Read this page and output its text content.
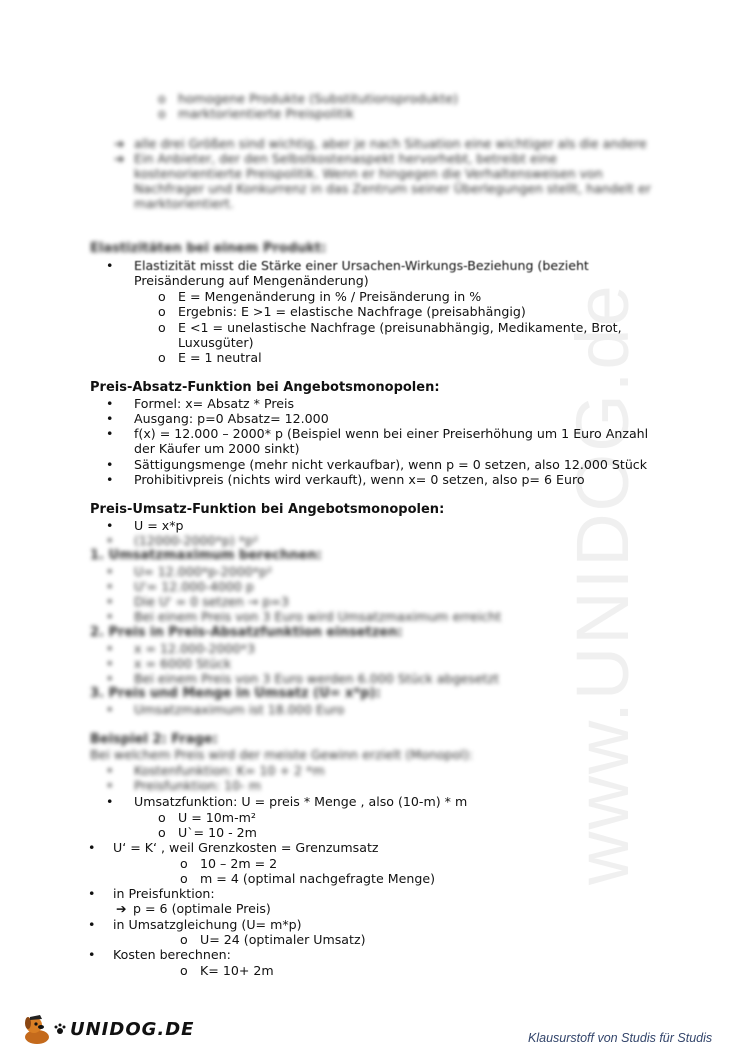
www.UNIDOG.de
o homogene Produkte (Substitutionsprodukte)
o marktorientierte Preispolitik
➔ alle drei Größen sind wichtig, aber je nach Situation eine wichtiger als die andere
➔ Ein Anbieter, der den Selbstkostenaspekt hervorhebt, betreibt eine
kostenorientierte Preispolitik. Wenn er hingegen die Verhaltensweisen von
Nachfrager und Konkurrenz in das Zentrum seiner Überlegungen stellt, handelt er
marktorientiert.
Elastizitäten bei einem Produkt:
• Elastizität misst die Stärke einer Ursachen-Wirkungs-Beziehung (bezieht
Preisänderung auf Mengenänderung)
o E = Mengenänderung in % / Preisänderung in %
o Ergebnis: E >1 = elastische Nachfrage (preisabhängig)
o E <1 = unelastische Nachfrage (preisunabhängig, Medikamente, Brot,
Luxusgüter)
o E = 1 neutral
Preis-Absatz-Funktion bei Angebotsmonopolen:
• Formel: x= Absatz * Preis
• Ausgang: p=0 Absatz= 12.000
• f(x) = 12.000 – 2000* p (Beispiel wenn bei einer Preiserhöhung um 1 Euro Anzahl
der Käufer um 2000 sinkt)
• Sättigungsmenge (mehr nicht verkaufbar), wenn p = 0 setzen, also 12.000 Stück
• Prohibitivpreis (nichts wird verkauft), wenn x= 0 setzen, also p= 6 Euro
Preis-Umsatz-Funktion bei Angebotsmonopolen:
• U = x*p
• (12000-2000*p) *p²
1. Umsatzmaximum berechnen:
• U= 12.000*p-2000*p²
• U'= 12.000-4000 p
• Die U' = 0 setzen → p=3
• Bei einem Preis von 3 Euro wird Umsatzmaximum erreicht
2. Preis in Preis-Absatzfunktion einsetzen:
• x = 12.000-2000*3
• x = 6000 Stück
• Bei einem Preis von 3 Euro werden 6.000 Stück abgesetzt
3. Preis und Menge in Umsatz (U= x*p):
• Umsatzmaximum ist 18.000 Euro
Beispiel 2: Frage:
Bei welchem Preis wird der meiste Gewinn erzielt (Monopol):
• Kostenfunktion: K= 10 + 2 *m
• Preisfunktion: 10- m
• Umsatzfunktion: U = preis * Menge , also (10-m) * m
o U = 10m-m²
o U`= 10 - 2m
• U‘ = K‘ , weil Grenzkosten = Grenzumsatz
o 10 – 2m = 2
o m = 4 (optimal nachgefragte Menge)
• in Preisfunktion:
➔ p = 6 (optimale Preis)
• in Umsatzgleichung (U= m*p)
o U= 24 (optimaler Umsatz)
• Kosten berechnen:
o K= 10+ 2m
UNIDOG.DE	Klausurstoff von Studis für Studis
